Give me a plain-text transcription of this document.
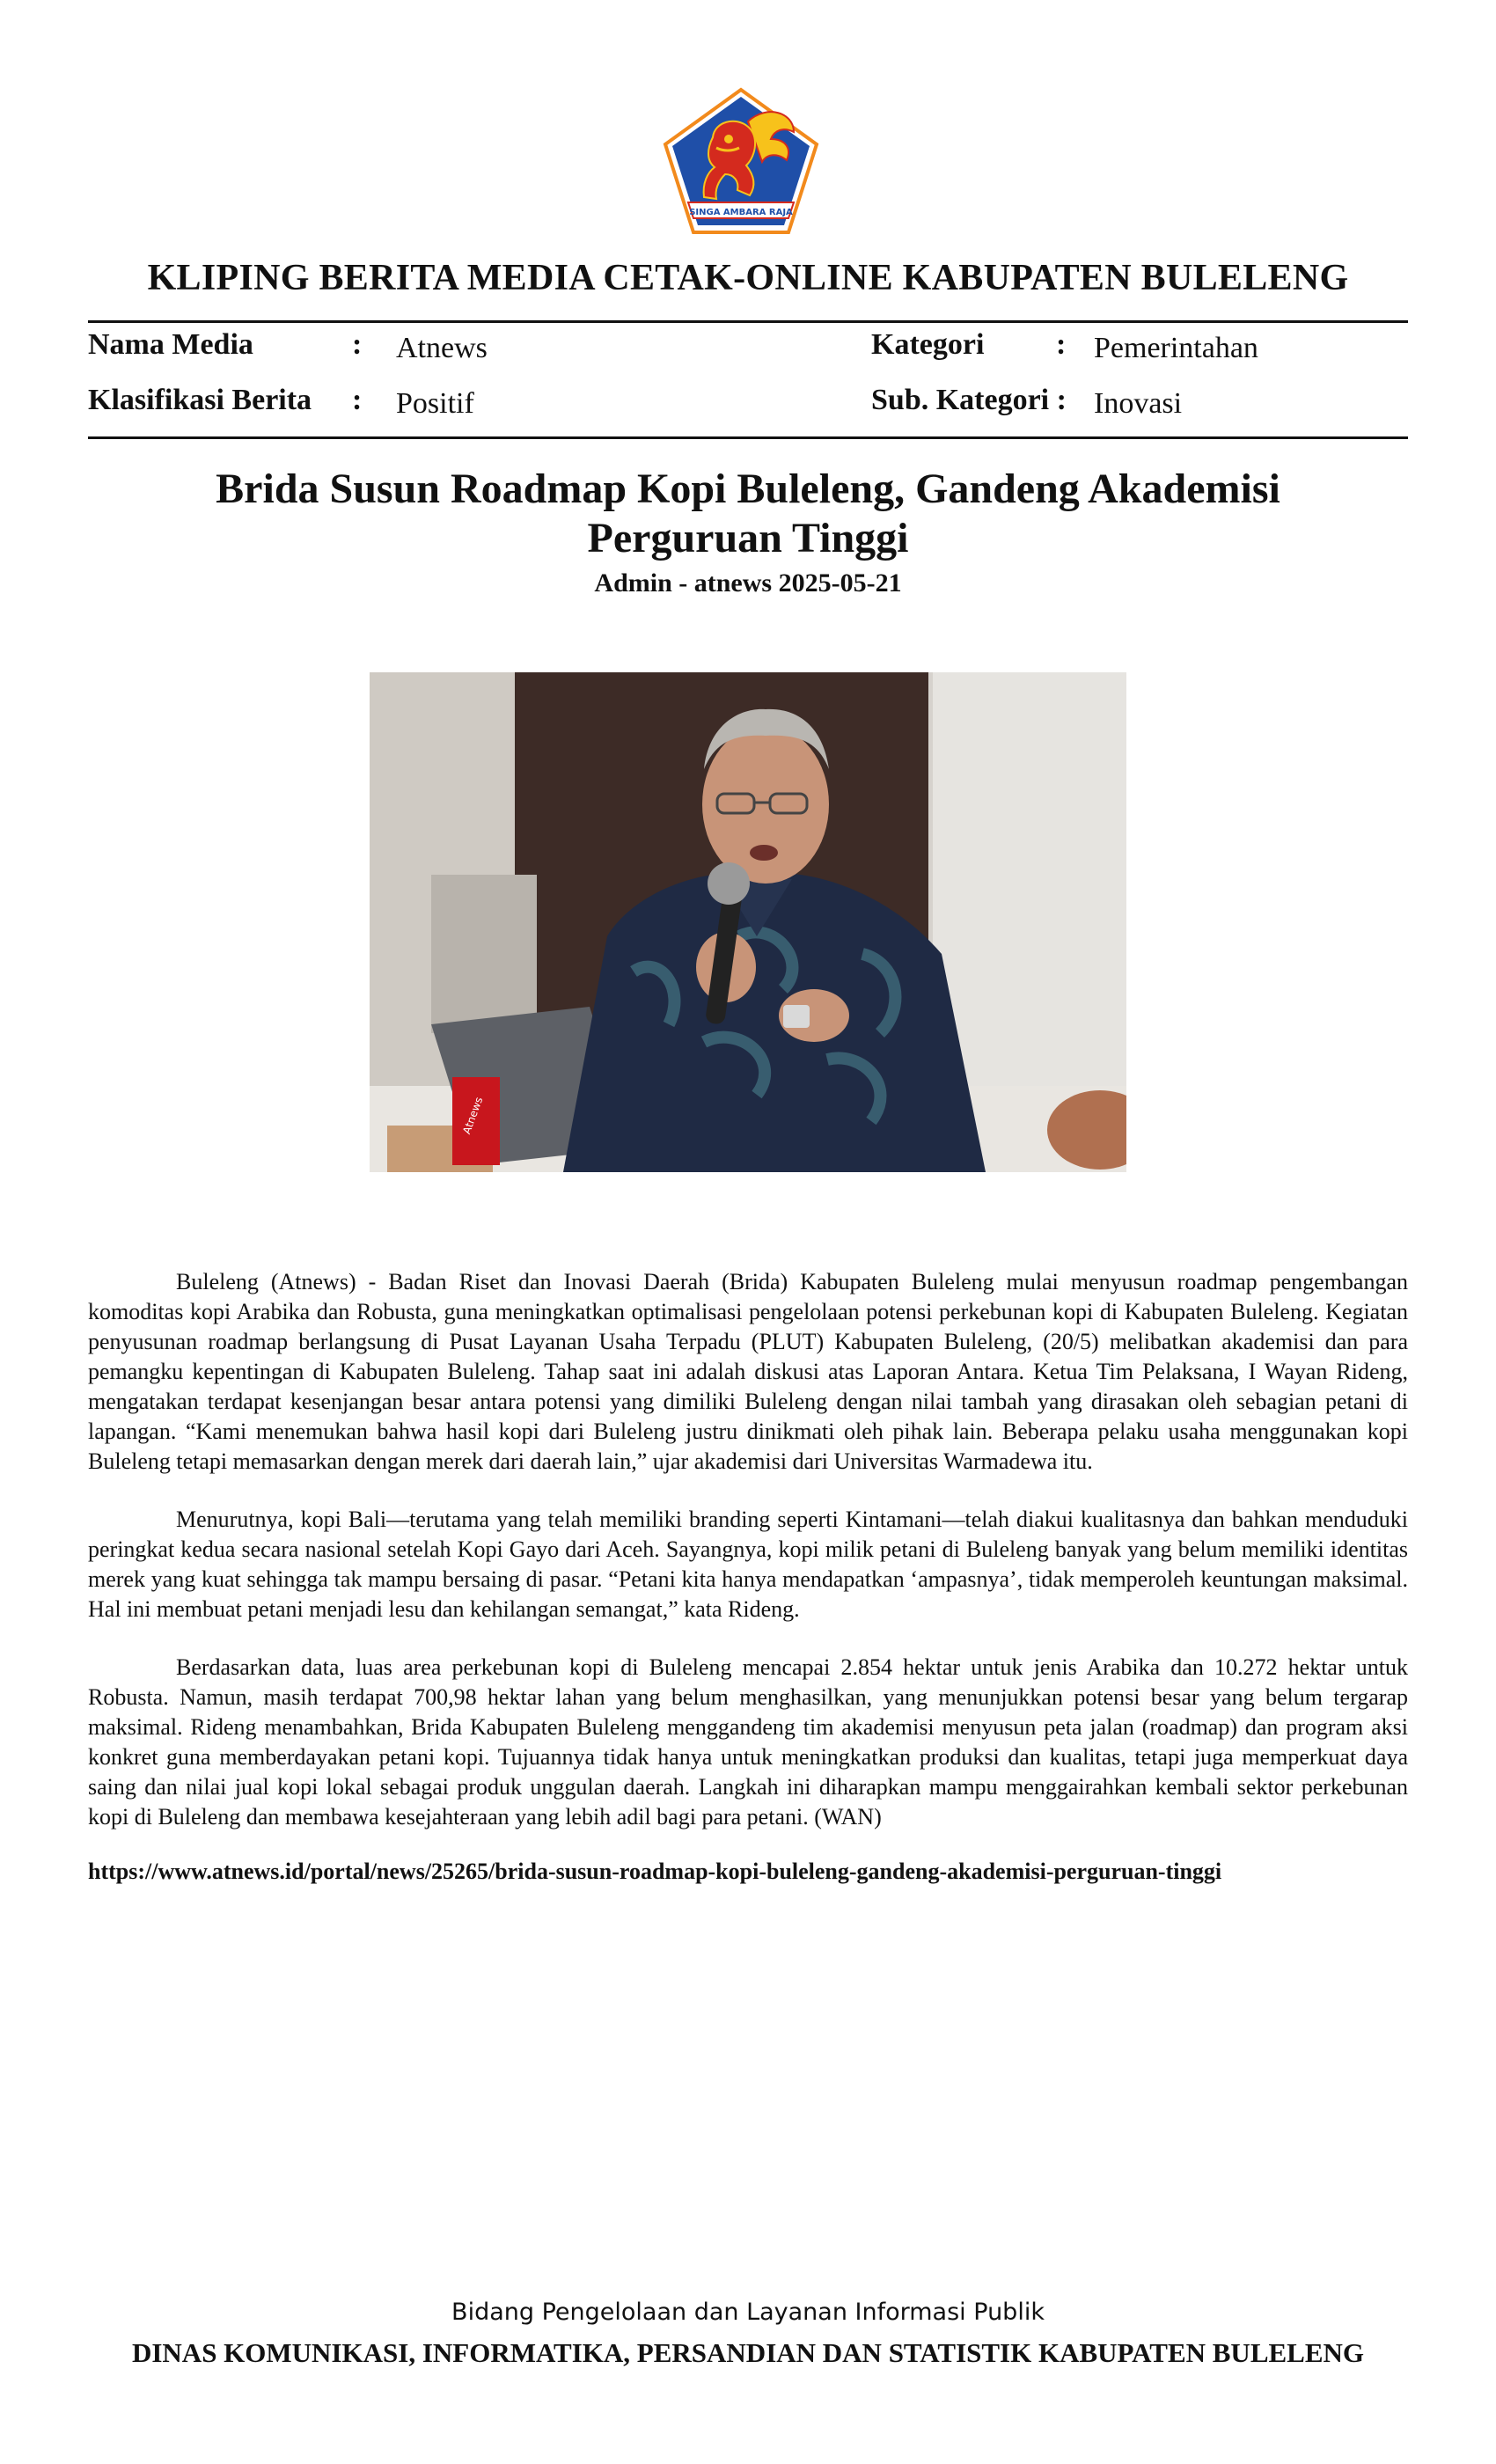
SINGA AMBARA RAJA
KLIPING BERITA MEDIA CETAK-ONLINE KABUPATEN BULELENG
Nama Media	: Atnews	Kategori : Pemerintahan
Klasifikasi Berita : Positif	Sub. Kategori : Inovasi
Brida Susun Roadmap Kopi Buleleng, Gandeng Akademisi Perguruan Tinggi
Admin - atnews 2025-05-21
Atnews

Buleleng (Atnews) - Badan Riset dan Inovasi Daerah (Brida) Kabupaten Buleleng mulai menyusun roadmap pengembangan komoditas kopi Arabika dan Robusta, guna meningkatkan optimalisasi pengelolaan potensi perkebunan kopi di Kabupaten Buleleng. Kegiatan penyusunan roadmap berlangsung di Pusat Layanan Usaha Terpadu (PLUT) Kabupaten Buleleng, (20/5) melibatkan akademisi dan para pemangku kepentingan di Kabupaten Buleleng. Tahap saat ini adalah diskusi atas Laporan Antara. Ketua Tim Pelaksana, I Wayan Rideng, mengatakan terdapat kesenjangan besar antara potensi yang dimiliki Buleleng dengan nilai tambah yang dirasakan oleh sebagian petani di lapangan. “Kami menemukan bahwa hasil kopi dari Buleleng justru dinikmati oleh pihak lain. Beberapa pelaku usaha menggunakan kopi Buleleng tetapi memasarkan dengan merek dari daerah lain,” ujar akademisi dari Universitas Warmadewa itu.

Menurutnya, kopi Bali—terutama yang telah memiliki branding seperti Kintamani—telah diakui kualitasnya dan bahkan menduduki peringkat kedua secara nasional setelah Kopi Gayo dari Aceh. Sayangnya, kopi milik petani di Buleleng banyak yang belum memiliki identitas merek yang kuat sehingga tak mampu bersaing di pasar. “Petani kita hanya mendapatkan ‘ampasnya’, tidak memperoleh keuntungan maksimal. Hal ini membuat petani menjadi lesu dan kehilangan semangat,” kata Rideng.

Berdasarkan data, luas area perkebunan kopi di Buleleng mencapai 2.854 hektar untuk jenis Arabika dan 10.272 hektar untuk Robusta. Namun, masih terdapat 700,98 hektar lahan yang belum menghasilkan, yang menunjukkan potensi besar yang belum tergarap maksimal. Rideng menambahkan, Brida Kabupaten Buleleng menggandeng tim akademisi menyusun peta jalan (roadmap) dan program aksi konkret guna memberdayakan petani kopi. Tujuannya tidak hanya untuk meningkatkan produksi dan kualitas, tetapi juga memperkuat daya saing dan nilai jual kopi lokal sebagai produk unggulan daerah. Langkah ini diharapkan mampu menggairahkan kembali sektor perkebunan kopi di Buleleng dan membawa kesejahteraan yang lebih adil bagi para petani. (WAN)

https://www.atnews.id/portal/news/25265/brida-susun-roadmap-kopi-buleleng-gandeng-akademisi-perguruan-tinggi
Bidang Pengelolaan dan Layanan Informasi Publik
DINAS KOMUNIKASI, INFORMATIKA, PERSANDIAN DAN STATISTIK KABUPATEN BULELENG
